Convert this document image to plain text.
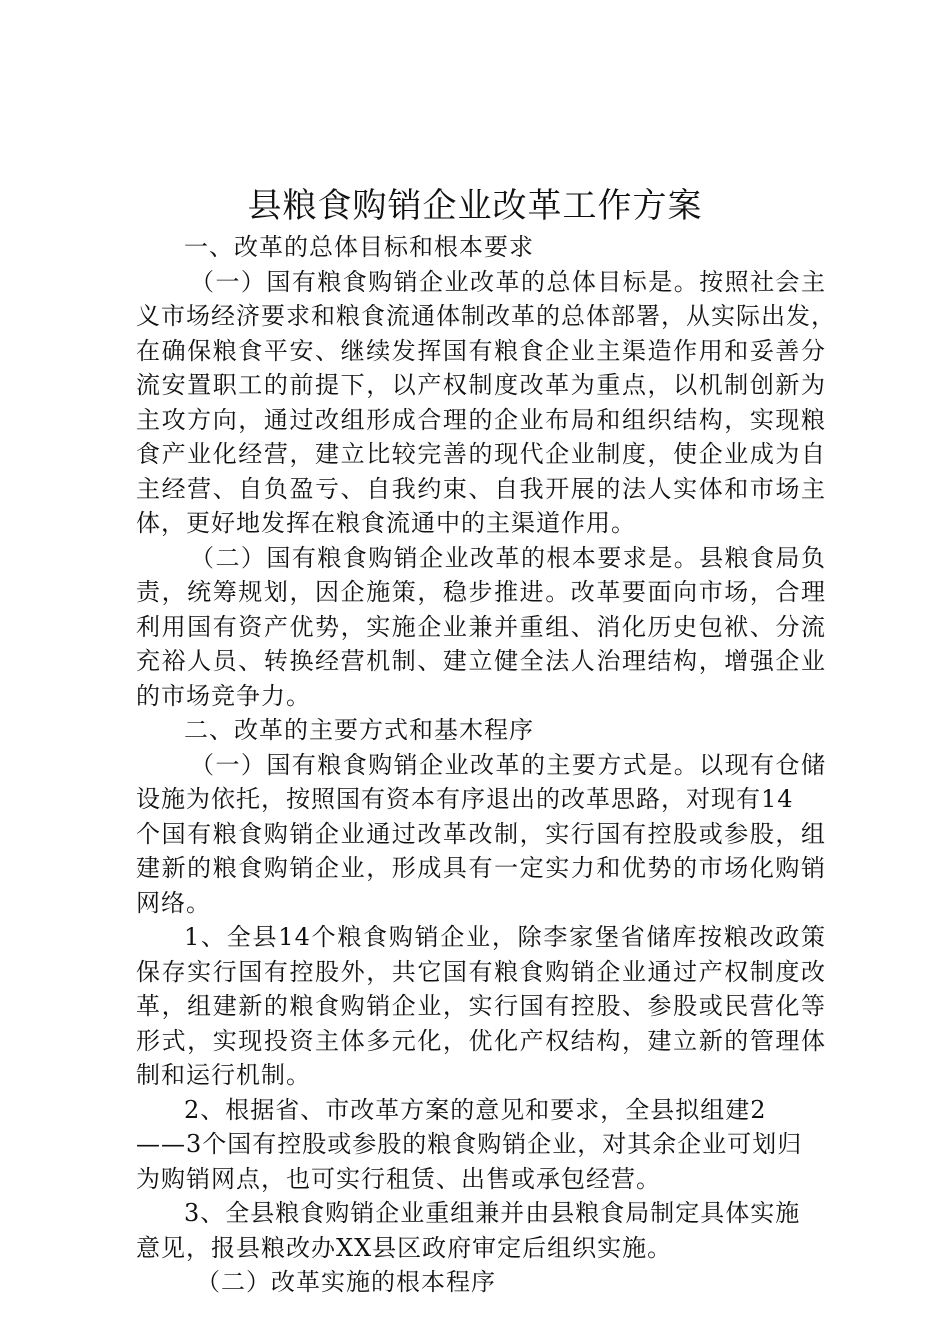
县粮食购销企业改革工作方案
一、改革的总体目标和根本要求
（一）国有粮食购销企业改革的总体目标是。按照社会主
义市场经济要求和粮食流通体制改革的总体部署，从实际出发，
在确保粮食平安、继续发挥国有粮食企业主渠造作用和妥善分
流安置职工的前提下，以产权制度改革为重点，以机制创新为
主攻方向，通过改组形成合理的企业布局和组织结构，实现粮
食产业化经营，建立比较完善的现代企业制度，使企业成为自
主经营、自负盈亏、自我约束、自我开展的法人实体和市场主
体，更好地发挥在粮食流通中的主渠道作用。
（二）国有粮食购销企业改革的根本要求是。县粮食局负
责，统筹规划，因企施策，稳步推进。改革要面向市场，合理
利用国有资产优势，实施企业兼并重组、消化历史包袱、分流
充裕人员、转换经营机制、建立健全法人治理结构，增强企业
的市场竞争力。
二、改革的主要方式和基木程序
（一）国有粮食购销企业改革的主要方式是。以现有仓储
设施为依托，按照国有资本有序退出的改革思路，对现有14
个国有粮食购销企业通过改革改制，实行国有控股或参股，组
建新的粮食购销企业，形成具有一定实力和优势的市场化购销
网络。
1、全县14个粮食购销企业，除李家堡省储库按粮改政策
保存实行国有控股外，共它国有粮食购销企业通过产权制度改
革，组建新的粮食购销企业，实行国有控股、参股或民营化等
形式，实现投资主体多元化，优化产权结构，建立新的管理体
制和运行机制。
2、根据省、市改革方案的意见和要求，全县拟组建2
——3个国有控股或参股的粮食购销企业，对其余企业可划归
为购销网点，也可实行租赁、出售或承包经营。
3、全县粮食购销企业重组兼并由县粮食局制定具体实施
意见，报县粮改办XX县区政府审定后组织实施。
（二）改革实施的根本程序
